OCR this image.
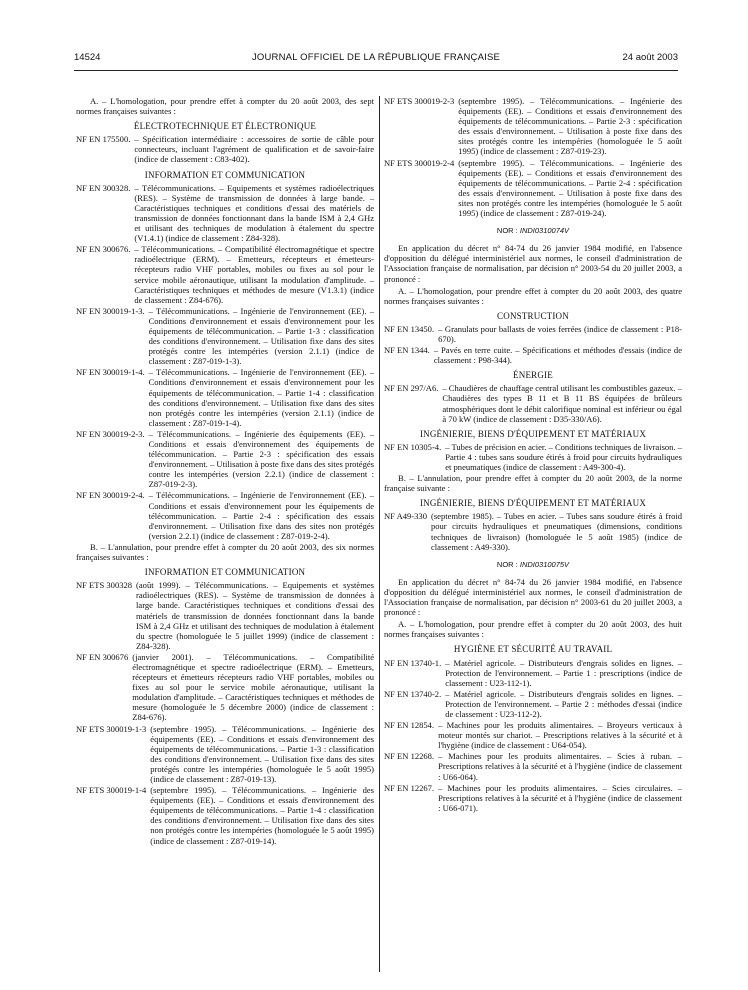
14524	JOURNAL OFFICIEL DE LA RÉPUBLIQUE FRANÇAISE	24 août 2003

A. – L'homologation, pour prendre effet à compter du 20 août 2003, des sept normes françaises suivantes :

ÉLECTROTECHNIQUE ET ÉLECTRONIQUE
NF EN 175500. – Spécification intermédiaire : accessoires de sortie de câble pour connecteurs, incluant l'agrément de qualification et de savoir-faire (indice de classement : C83-402).
INFORMATION ET COMMUNICATION
NF EN 300328. – Télécommunications. – Equipements et systèmes radioélectriques (RES). – Système de transmission de données à large bande. – Caractéristiques techniques et conditions d'essai des matériels de transmission de données fonctionnant dans la bande ISM à 2,4 GHz et utilisant des techniques de modulation à étalement du spectre (V1.4.1) (indice de classement : Z84-328).
NF EN 300676. – Télécommunications. – Compatibilité électromagnétique et spectre radioélectrique (ERM). – Emetteurs, récepteurs et émetteurs-récepteurs radio VHF portables, mobiles ou fixes au sol pour le service mobile aéronautique, utilisant la modulation d'amplitude. – Caractéristiques techniques et méthodes de mesure (V1.3.1) (indice de classement : Z84-676).
NF EN 300019-1-3. – Télécommunications. – Ingénierie de l'environnement (EE). – Conditions d'environnement et essais d'environnement pour les équipements de télécommunication. – Partie 1-3 : classification des conditions d'environnement. – Utilisation fixe dans des sites protégés contre les intempéries (version 2.1.1) (indice de classement : Z87-019-1-3).
NF EN 300019-1-4. – Télécommunications. – Ingénierie de l'environnement (EE). – Conditions d'environnement et essais d'environnement pour les équipements de télécommunication. – Partie 1-4 : classification des conditions d'environnement. – Utilisation fixe dans des sites non protégés contre les intempéries (version 2.1.1) (indice de classement : Z87-019-1-4).
NF EN 300019-2-3. – Télécommunications. – Ingénierie des équipements (EE). – Conditions et essais d'environnement des équipements de télécommunication. – Partie 2-3 : spécification des essais d'environnement. – Utilisation à poste fixe dans des sites protégés contre les intempéries (version 2.2.1) (indice de classement : Z87-019-2-3).
NF EN 300019-2-4. – Télécommunications. – Ingénierie de l'environnement (EE). – Conditions et essais d'environnement pour les équipements de télécommunication. – Partie 2-4 : spécification des essais d'environnement. – Utilisation fixe dans des sites non protégés (version 2.2.1) (indice de classement : Z87-019-2-4).

B. – L'annulation, pour prendre effet à compter du 20 août 2003, des six normes françaises suivantes :

INFORMATION ET COMMUNICATION
NF ETS 300328 (août 1999). – Télécommunications. – Equipements et systèmes radioélectriques (RES). – Système de transmission de données à large bande. Caractéristiques techniques et conditions d'essai des matériels de transmission de données fonctionnant dans la bande ISM à 2,4 GHz et utilisant des techniques de modulation à étalement du spectre (homologuée le 5 juillet 1999) (indice de classement : Z84-328).
NF EN 300676 (janvier 2001). – Télécommunications. – Compatibilité électromagnétique et spectre radioélectrique (ERM). – Emetteurs, récepteurs et émetteurs récepteurs radio VHF portables, mobiles ou fixes au sol pour le service mobile aéronautique, utilisant la modulation d'amplitude. – Caractéristiques techniques et méthodes de mesure (homologuée le 5 décembre 2000) (indice de classement : Z84-676).
NF ETS 300019-1-3 (septembre 1995). – Télécommunications. – Ingénierie des équipements (EE). – Conditions et essais d'environnement des équipements de télécommunications. – Partie 1-3 : classification des conditions d'environnement. – Utilisation fixe dans des sites protégés contre les intempéries (homologuée le 5 août 1995) (indice de classement : Z87-019-13).
NF ETS 300019-1-4 (septembre 1995). – Télécommunications. – Ingénierie des équipements (EE). – Conditions et essais d'environnement des équipements de télécommunications. – Partie 1-4 : classification des conditions d'environnement. – Utilisation fixe dans des sites non protégés contre les intempéries (homologuée le 5 août 1995) (indice de classement : Z87-019-14).
NF ETS 300019-2-3 (septembre 1995). – Télécommunications. – Ingénierie des équipements (EE). – Conditions et essais d'environnement des équipements de télécommunications. – Partie 2-3 : spécification des essais d'environnement. – Utilisation à poste fixe dans des sites protégés contre les intempéries (homologuée le 5 août 1995) (indice de classement : Z87-019-23).
NF ETS 300019-2-4 (septembre 1995). – Télécommunications. – Ingénierie des équipements (EE). – Conditions et essais d'environnement des équipements de télécommunications. – Partie 2-4 : spécification des essais d'environnement. – Utilisation à poste fixe dans des sites non protégés contre les intempéries (homologuée le 5 août 1995) (indice de classement : Z87-019-24).
NOR : INDI0310074V

En application du décret n° 84-74 du 26 janvier 1984 modifié, en l'absence d'opposition du délégué interministériel aux normes, le conseil d'administration de l'Association française de normalisation, par décision n° 2003-54 du 20 juillet 2003, a prononcé :

A. – L'homologation, pour prendre effet à compter du 20 août 2003, des quatre normes françaises suivantes :

CONSTRUCTION
NF EN 13450. – Granulats pour ballasts de voies ferrées (indice de classement : P18-670).
NF EN 1344. – Pavés en terre cuite. – Spécifications et méthodes d'essais (indice de classement : P98-344).
ÉNERGIE
NF EN 297/A6. – Chaudières de chauffage central utilisant les combustibles gazeux. – Chaudières des types B 11 et B 11 BS équipées de brûleurs atmosphériques dont le débit calorifique nominal est inférieur ou égal à 70 kW (indice de classement : D35-330/A6).
INGÉNIERIE, BIENS D'ÉQUIPEMENT ET MATÉRIAUX
NF EN 10305-4. – Tubes de précision en acier. – Conditions techniques de livraison. – Partie 4 : tubes sans soudure étirés à froid pour circuits hydrauliques et pneumatiques (indice de classement : A49-300-4).

B. – L'annulation, pour prendre effet à compter du 20 août 2003, de la norme française suivante :

INGÉNIERIE, BIENS D'ÉQUIPEMENT ET MATÉRIAUX
NF A49-330 (septembre 1985). – Tubes en acier. – Tubes sans soudure étirés à froid pour circuits hydrauliques et pneumatiques (dimensions, conditions techniques de livraison) (homologuée le 5 août 1985) (indice de classement : A49-330).
NOR : INDI0310075V

En application du décret n° 84-74 du 26 janvier 1984 modifié, en l'absence d'opposition du délégué interministériel aux normes, le conseil d'administration de l'Association française de normalisation, par décision n° 2003-61 du 20 juillet 2003, a prononcé :

A. – L'homologation, pour prendre effet à compter du 20 août 2003, des huit normes françaises suivantes :

HYGIÈNE ET SÉCURITÉ AU TRAVAIL
NF EN 13740-1. – Matériel agricole. – Distributeurs d'engrais solides en lignes. – Protection de l'environnement. – Partie 1 : prescriptions (indice de classement : U23-112-1).
NF EN 13740-2. – Matériel agricole. – Distributeurs d'engrais solides en lignes. – Protection de l'environnement. – Partie 2 : méthodes d'essai (indice de classement : U23-112-2).
NF EN 12854. – Machines pour les produits alimentaires. – Broyeurs verticaux à moteur montés sur chariot. – Prescriptions relatives à la sécurité et à l'hygiène (indice de classement : U64-054).
NF EN 12268. – Machines pour les produits alimentaires. – Scies à ruban. – Prescriptions relatives à la sécurité et à l'hygiène (indice de classement : U66-064).
NF EN 12267. – Machines pour les produits alimentaires. – Scies circulaires. – Prescriptions relatives à la sécurité et à l'hygiène (indice de classement : U66-071).
